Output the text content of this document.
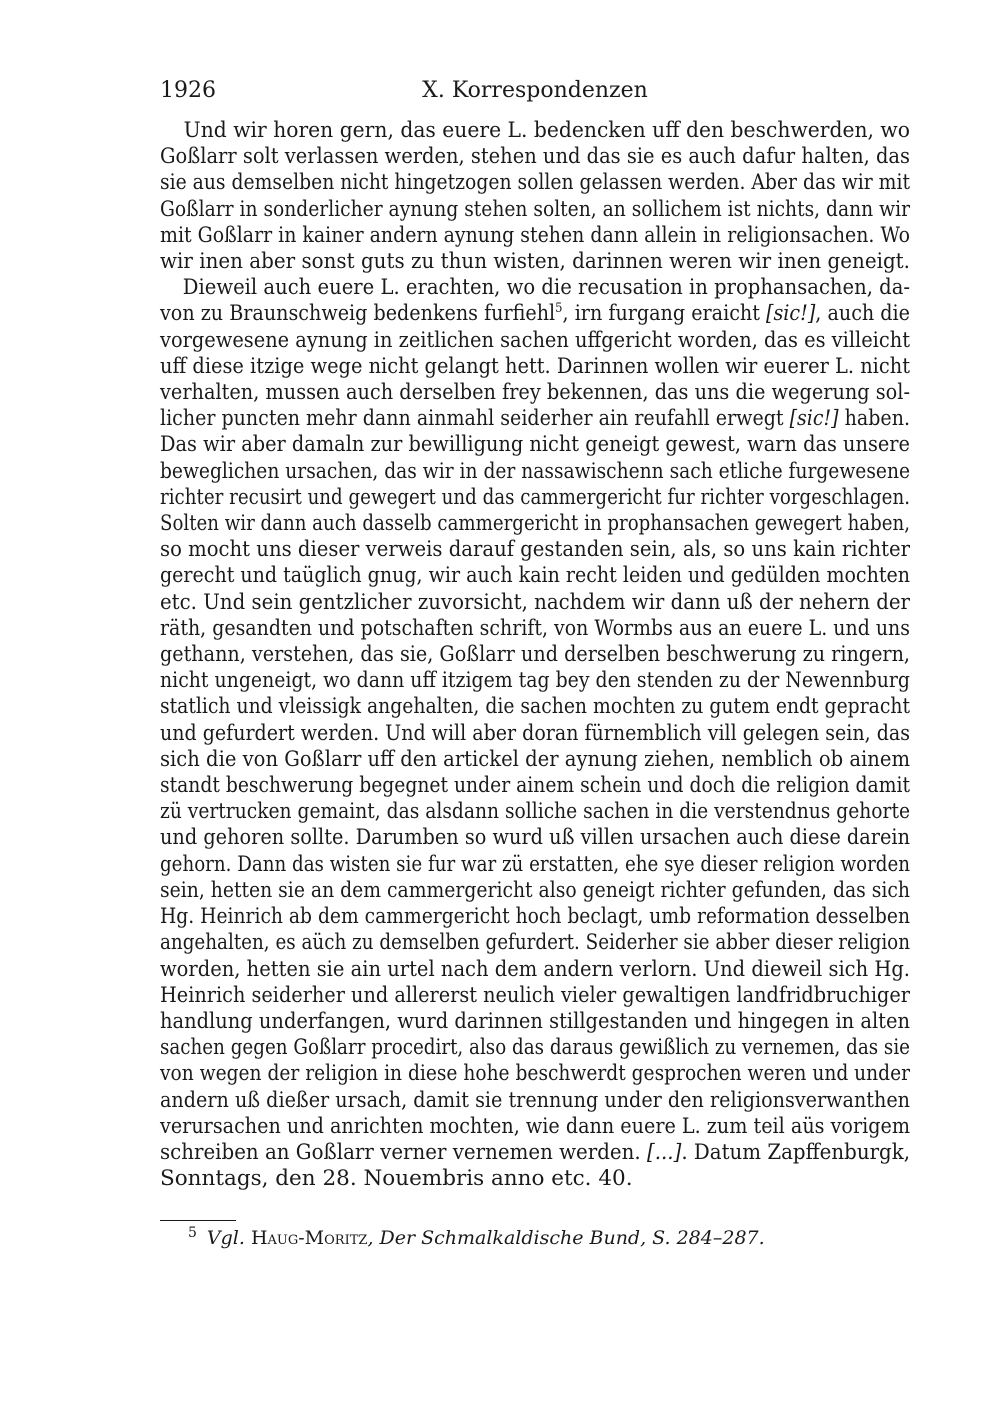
1926	X. Korrespondenzen

Und wir horen gern, das euere L. bedencken uff den beschwerden, wo
Goßlarr solt verlassen werden, stehen und das sie es auch dafur halten, das
sie aus demselben nicht hingetzogen sollen gelassen werden. Aber das wir mit
Goßlarr in sonderlicher aynung stehen solten, an sollichem ist nichts, dann wir
mit Goßlarr in kainer andern aynung stehen dann allein in religionsachen. Wo
wir inen aber sonst guts zu thun wisten, darinnen weren wir inen geneigt.

Dieweil auch euere L. erachten, wo die recusation in prophansachen, da-
von zu Braunschweig bedenkens furfiehl$^5$, irn furgang eraicht [sic!], auch die
vorgewesene aynung in zeitlichen sachen uffgericht worden, das es villeicht
uff diese itzige wege nicht gelangt hett. Darinnen wollen wir euerer L. nicht
verhalten, mussen auch derselben frey bekennen, das uns die wegerung sol-
licher puncten mehr dann ainmahl seiderher ain reufahll erwegt [sic!] haben.
Das wir aber damaln zur bewilligung nicht geneigt gewest, warn das unsere
beweglichen ursachen, das wir in der nassawischenn sach etliche furgewesene
richter recusirt und gewegert und das cammergericht fur richter vorgeschlagen.
Solten wir dann auch dasselb cammergericht in prophansachen gewegert haben,
so mocht uns dieser verweis darauf gestanden sein, als, so uns kain richter
gerecht und taüglich gnug, wir auch kain recht leiden und gedülden mochten
etc. Und sein gentzlicher zuvorsicht, nachdem wir dann uß der nehern der
räth, gesandten und potschaften schrift, von Wormbs aus an euere L. und uns
gethann, verstehen, das sie, Goßlarr und derselben beschwerung zu ringern,
nicht ungeneigt, wo dann uff itzigem tag bey den stenden zu der Newennburg
statlich und vleissigk angehalten, die sachen mochten zu gutem endt gepracht
und gefurdert werden. Und will aber doran fürnemblich vill gelegen sein, das
sich die von Goßlarr uff den artickel der aynung ziehen, nemblich ob ainem
standt beschwerung begegnet under ainem schein und doch die religion damit
zü vertrucken gemaint, das alsdann solliche sachen in die verstendnus gehorte
und gehoren sollte. Darumben so wurd uß villen ursachen auch diese darein
gehorn. Dann das wisten sie fur war zü erstatten, ehe sye dieser religion worden
sein, hetten sie an dem cammergericht also geneigt richter gefunden, das sich
Hg. Heinrich ab dem cammergericht hoch beclagt, umb reformation desselben
angehalten, es aüch zu demselben gefurdert. Seiderher sie abber dieser religion
worden, hetten sie ain urtel nach dem andern verlorn. Und dieweil sich Hg.
Heinrich seiderher und allererst neulich vieler gewaltigen landfridbruchiger
handlung underfangen, wurd darinnen stillgestanden und hingegen in alten
sachen gegen Goßlarr procedirt, also das daraus gewißlich zu vernemen, das sie
von wegen der religion in diese hohe beschwerdt gesprochen weren und under
andern uß dießer ursach, damit sie trennung under den religionsverwanthen
verursachen und anrichten mochten, wie dann euere L. zum teil aüs vorigem
schreiben an Goßlarr verner vernemen werden. [...]. Datum Zapffenburgk,
Sonntags, den 28. Nouembris anno etc. 40.

$^5$ Vgl. Haug-Moritz, Der Schmalkaldische Bund, S. 284–287.
